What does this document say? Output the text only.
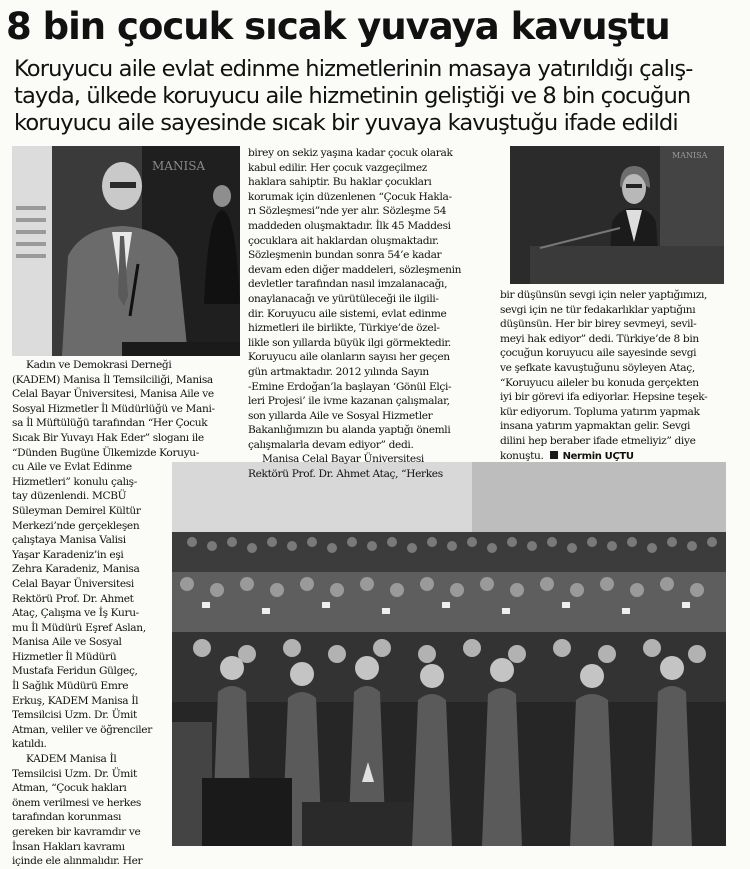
8 bin çocuk sıcak yuvaya kavuştu
Koruyucu aile evlat edinme hizmetlerinin masaya yatırıldığı çalış-
tayda, ülkede koruyucu aile hizmetinin geliştiği ve 8 bin çocuğun
koruyucu aile sayesinde sıcak bir yuvaya kavuştuğu ifade edildi
MANISA
MANISA
Kadın ve Demokrasi Derneği
(KADEM) Manisa İl Temsilciliği, Manisa
Celal Bayar Üniversitesi, Manisa Aile ve
Sosyal Hizmetler İl Müdürlüğü ve Mani-
sa İl Müftülüğü tarafından “Her Çocuk
Sıcak Bir Yuvayı Hak Eder” sloganı ile
“Dünden Bugüne Ülkemizde Koruyu-
cu Aile ve Evlat Edinme
Hizmetleri” konulu çalış-
tay düzenlendi. MCBÜ
Süleyman Demirel Kültür
Merkezi’nde gerçekleşen
çalıştaya Manisa Valisi
Yaşar Karadeniz’in eşi
Zehra Karadeniz, Manisa
Celal Bayar Üniversitesi
Rektörü Prof. Dr. Ahmet
Ataç, Çalışma ve İş Kuru-
mu İl Müdürü Eşref Aslan,
Manisa Aile ve Sosyal
Hizmetler İl Müdürü
Mustafa Feridun Gülgeç,
İl Sağlık Müdürü Emre
Erkuş, KADEM Manisa İl
Temsilcisi Uzm. Dr. Ümit
Atman, veliler ve öğrenciler
katıldı.
KADEM Manisa İl
Temsilcisi Uzm. Dr. Ümit
Atman, “Çocuk hakları
önem verilmesi ve herkes
tarafından korunması
gereken bir kavramdır ve
İnsan Hakları kavramı
içinde ele alınmalıdır. Her
birey on sekiz yaşına kadar çocuk olarak
kabul edilir. Her çocuk vazgeçilmez
haklara sahiptir. Bu haklar çocukları
korumak için düzenlenen “Çocuk Hakla-
rı Sözleşmesi”nde yer alır. Sözleşme 54
maddeden oluşmaktadır. İlk 45 Maddesi
çocuklara ait haklardan oluşmaktadır.
Sözleşmenin bundan sonra 54’e kadar
devam eden diğer maddeleri, sözleşmenin
devletler tarafından nasıl imzalanacağı,
onaylanacağı ve yürütüleceği ile ilgili-
dir. Koruyucu aile sistemi, evlat edinme
hizmetleri ile birlikte, Türkiye’de özel-
likle son yıllarda büyük ilgi görmektedir.
Koruyucu aile olanların sayısı her geçen
gün artmaktadır. 2012 yılında Sayın
-Emine Erdoğan’la başlayan ‘Gönül Elçi-
leri Projesi’ ile ivme kazanan çalışmalar,
son yıllarda Aile ve Sosyal Hizmetler
Bakanlığımızın bu alanda yaptığı önemli
çalışmalarla devam ediyor” dedi.
Manisa Celal Bayar Üniversitesi
Rektörü Prof. Dr. Ahmet Ataç, “Herkes
bir düşünsün sevgi için neler yaptığımızı,
sevgi için ne tür fedakarlıklar yaptığını
düşünsün. Her bir birey sevmeyi, sevil-
meyi hak ediyor” dedi. Türkiye’de 8 bin
çocuğun koruyucu aile sayesinde sevgi
ve şefkate kavuştuğunu söyleyen Ataç,
“Koruyucu aileler bu konuda gerçekten
iyi bir görevi ifa ediyorlar. Hepsine teşek-
kür ediyorum. Topluma yatırım yapmak
insana yatırım yapmaktan gelir. Sevgi
dilini hep beraber ifade etmeliyiz” diye
konuştu. Nermin UÇTU
